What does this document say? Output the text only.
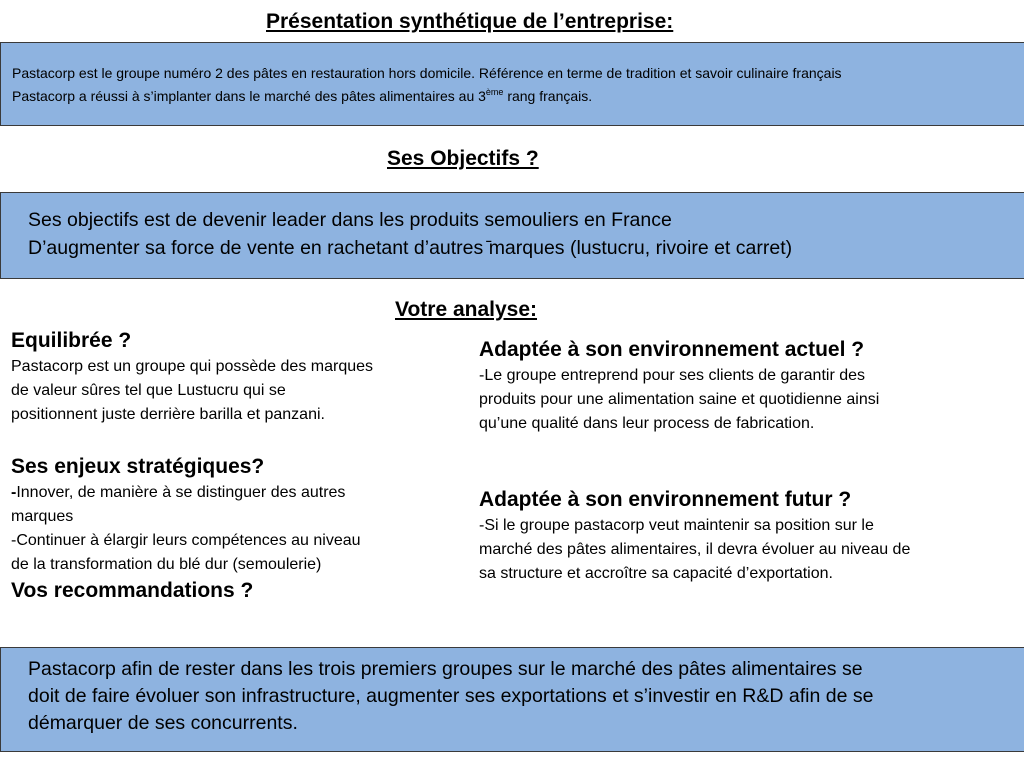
Présentation synthétique de l’entreprise:
Pastacorp est le groupe numéro 2 des pâtes en restauration hors domicile. Référence en terme de tradition et savoir culinaire français
Pastacorp a réussi à s’implanter dans le marché des pâtes alimentaires au 3ème rang français.
Ses Objectifs ?
Ses objectifs est de devenir leader dans les produits semouliers en France
D’augmenter sa force de vente en rachetant d’autres ̄marques (lustucru, rivoire et carret)
Votre analyse:
Equilibrée ?
Pastacorp est un groupe qui possède des marques
de valeur sûres tel que Lustucru qui se
positionnent juste derrière barilla et panzani.
Ses enjeux stratégiques?
-Innover, de manière à se distinguer des autres
marques
-Continuer à élargir leurs compétences au niveau
de la transformation du blé dur (semoulerie)
Vos recommandations ?
Adaptée à son environnement actuel ?
-Le groupe entreprend pour ses clients de garantir des
produits pour une alimentation saine et quotidienne ainsi
qu’une qualité dans leur process de fabrication.
Adaptée à son environnement futur ?
-Si le groupe pastacorp veut maintenir sa position sur le
marché des pâtes alimentaires, il devra évoluer au niveau de
sa structure et accroître sa capacité d’exportation.
Pastacorp afin de rester dans les trois premiers groupes sur le marché des pâtes alimentaires se
doit de faire évoluer son infrastructure, augmenter ses exportations et s’investir en R&D afin de se
démarquer de ses concurrents.
